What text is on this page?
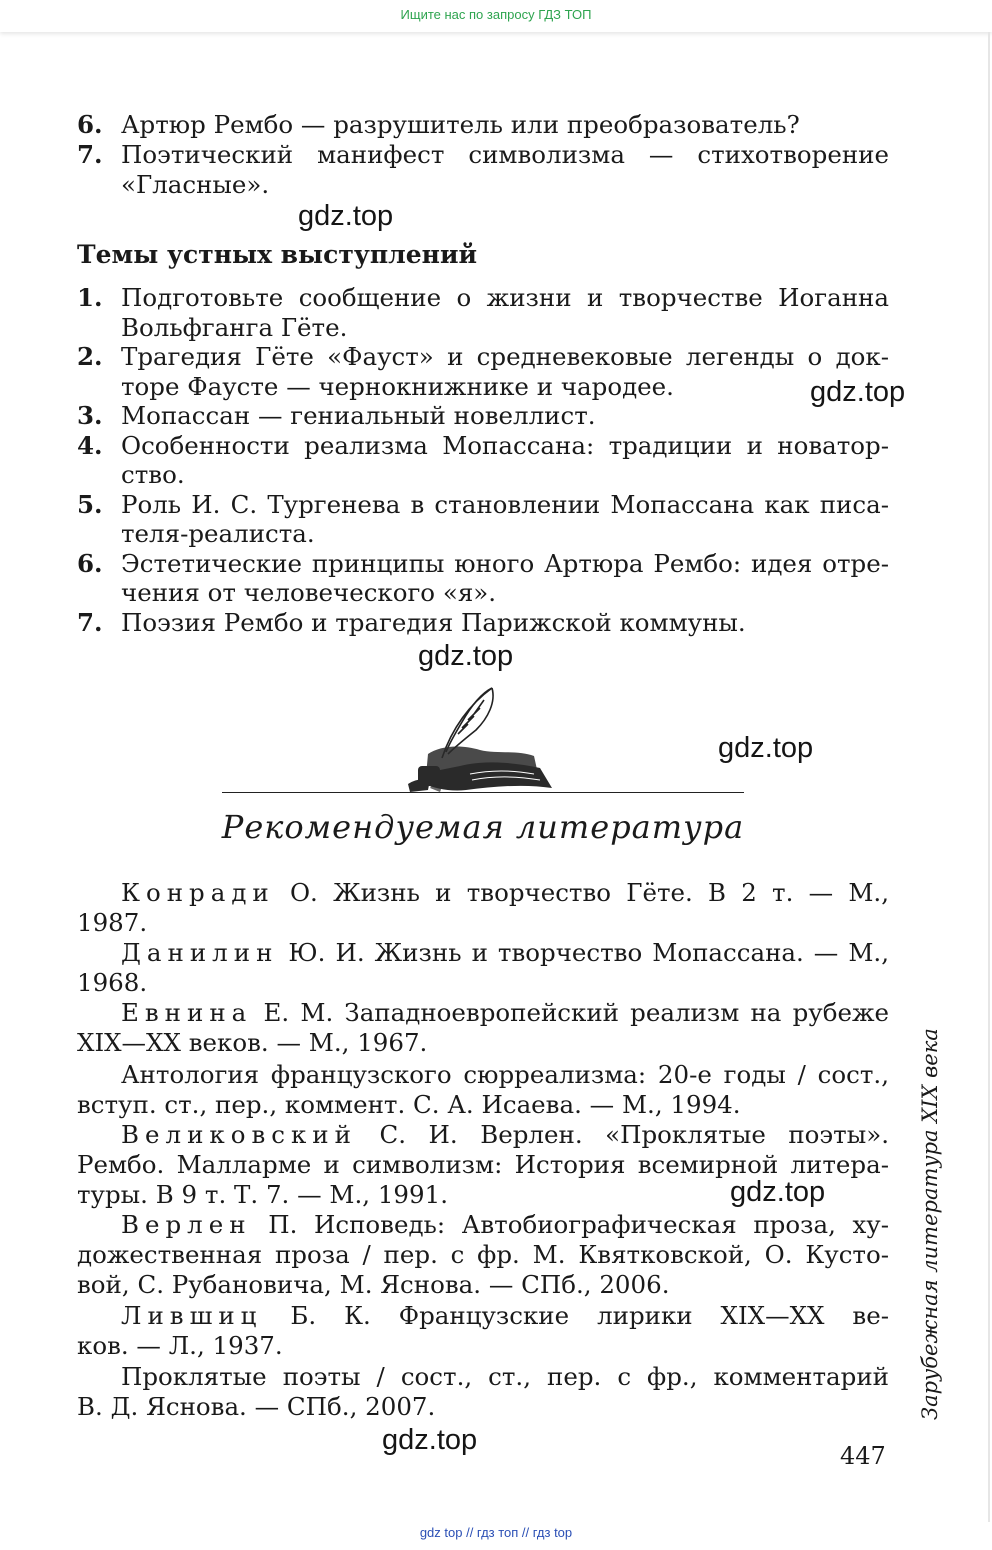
Ищите нас по запросу ГДЗ ТОП
6. Артюр Рембо — разрушитель или преобразователь?
7. Поэтический манифест символизма — стихотворение
«Гласные».
gdz.top
Темы устных выступлений
1. Подготовьте сообщение о жизни и творчестве Иоганна
Вольфганга Гёте.
2. Трагедия Гёте «Фауст» и средневековые легенды о док-
торе Фаусте — чернокнижнике и чародее.
3. Мопассан — гениальный новеллист.
4. Особенности реализма Мопассана: традиции и новатор-
ство.
5. Роль И. С. Тургенева в становлении Мопассана как писа-
теля-реалиста.
6. Эстетические принципы юного Артюра Рембо: идея отре-
чения от человеческого «я».
7. Поэзия Рембо и трагедия Парижской коммуны.
gdz.top
gdz.top
gdz.top
Рекомендуемая литература
Конради О. Жизнь и творчество Гёте. В 2 т. — М.,
1987.
Данилин Ю. И. Жизнь и творчество Мопассана. — М.,
1968.
Евнина Е. М. Западноевропейский реализм на рубеже
XIX—XX веков. — М., 1967.
Антология французского сюрреализма: 20-е годы / сост.,
вступ. ст., пер., коммент. С. А. Исаева. — М., 1994.
Великовский С. И. Верлен. «Проклятые поэты».
Рембо. Малларме и символизм: История всемирной литера-
туры. В 9 т. Т. 7. — М., 1991.
Верлен П. Исповедь: Автобиографическая проза, ху-
дожественная проза / пер. с фр. М. Квятковской, О. Кусто-
вой, С. Рубановича, М. Яснова. — СПб., 2006.
Лившиц Б. К. Французские лирики XIX—XX ве-
ков. — Л., 1937.
Проклятые поэты / сост., ст., пер. с фр., комментарий
В. Д. Яснова. — СПб., 2007.
gdz.top
gdz.top
Зарубежная литература XIX века
447
gdz top // гдз топ // гдз top
